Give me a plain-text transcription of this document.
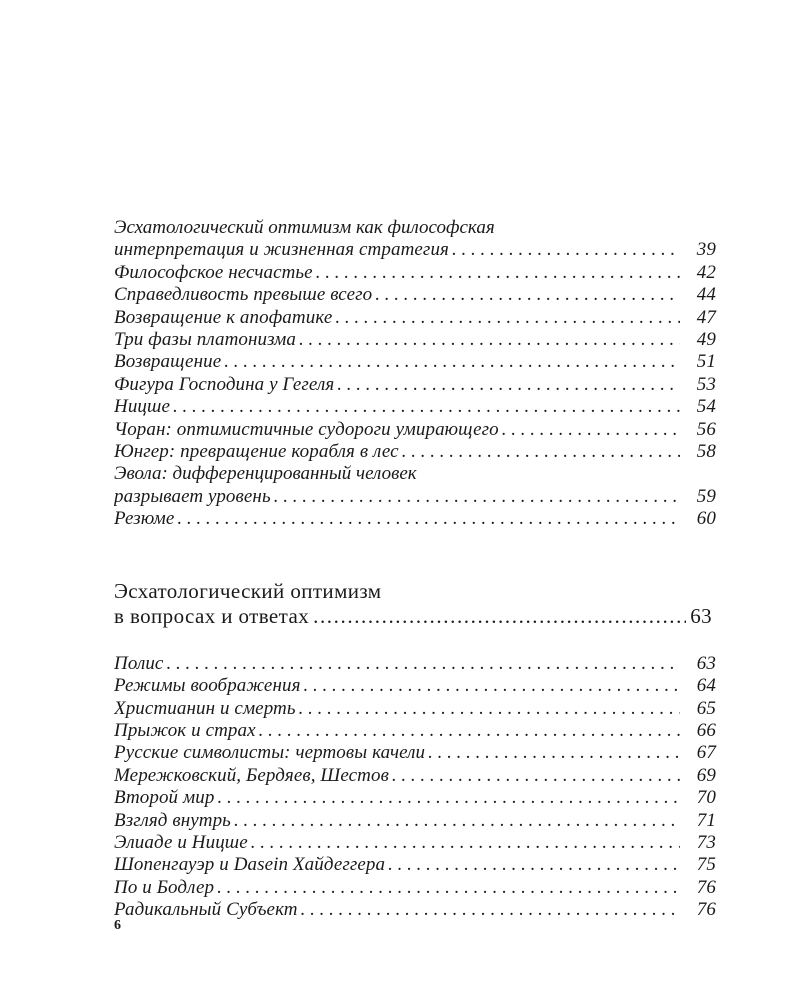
Эсхатологический оптимизм как философская
интерпретация и жизненная стратегия . . .	39
Философское несчастье . . .	42
Справедливость превыше всего . . .	44
Возвращение к апофатике . . .	47
Три фазы платонизма . . .	49
Возвращение . . .	51
Фигура Господина у Гегеля . . .	53
Ницше . . .	54
Чоран: оптимистичные судороги умирающего . . .	56
Юнгер: превращение корабля в лес . . .	58
Эвола: дифференцированный человек
разрывает уровень . . .	59
Резюме . . .	60
Эсхатологический оптимизм
в вопросах и ответах .....	63
Полис . . .	63
Режимы воображения . . .	64
Христианин и смерть . . .	65
Прыжок и страх . . .	66
Русские символисты: чертовы качели . . .	67
Мережковский, Бердяев, Шестов . . .	69
Второй мир . . .	70
Взгляд внутрь . . .	71
Элиаде и Ницше . . .	73
Шопенгауэр и Dasein Хайдеггера . . .	75
По и Бодлер . . .	76
Радикальный Субъект . . .	76
6
